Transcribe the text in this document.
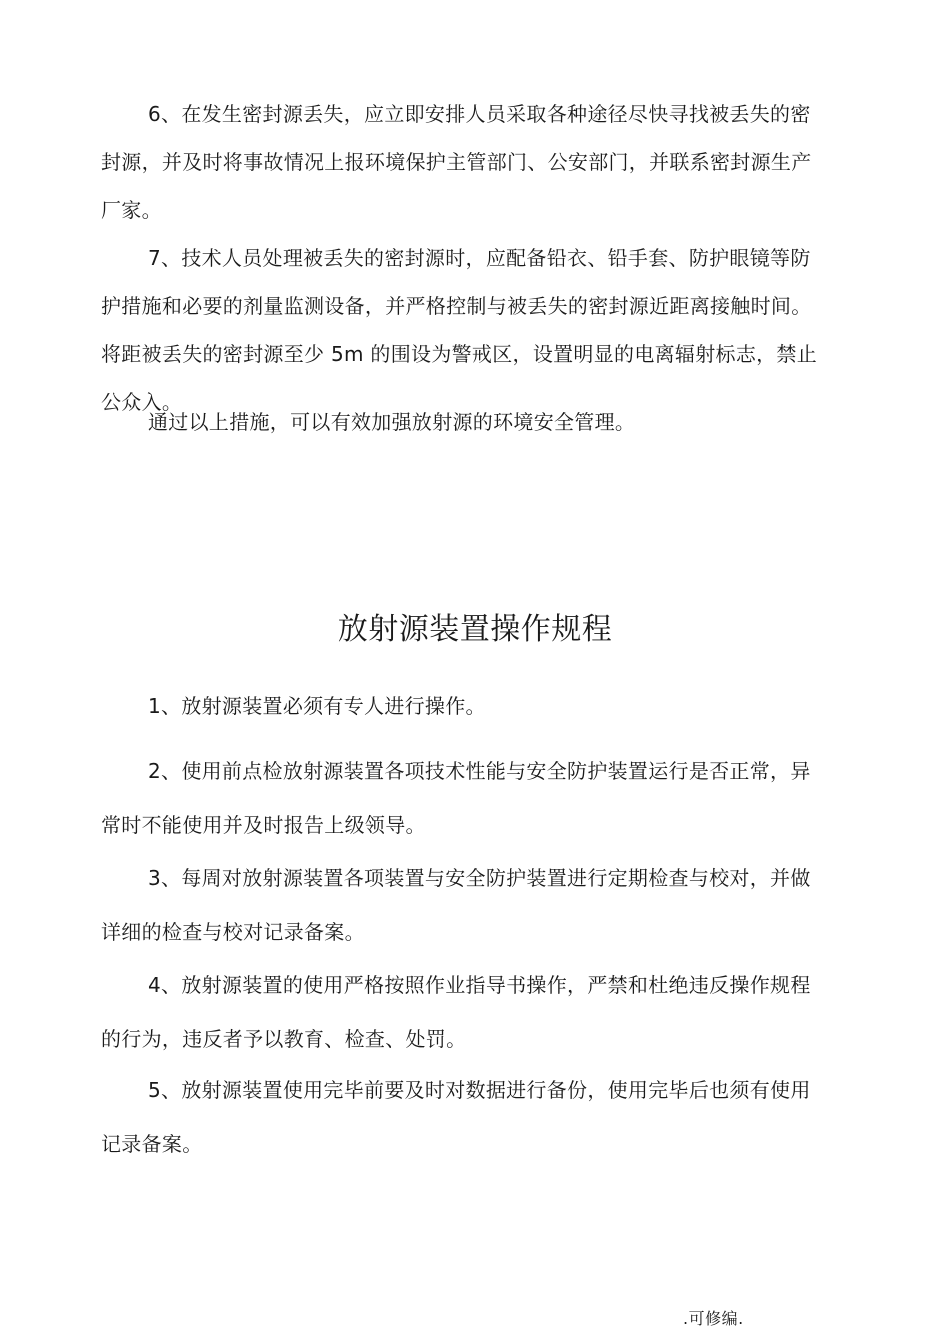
6、在发生密封源丢失，应立即安排人员采取各种途径尽快寻找被丢失的密
封源，并及时将事故情况上报环境保护主管部门、公安部门，并联系密封源生产
厂家。

7、技术人员处理被丢失的密封源时，应配备铅衣、铅手套、防护眼镜等防
护措施和必要的剂量监测设备，并严格控制与被丢失的密封源近距离接触时间。
将距被丢失的密封源至少 5m 的围设为警戒区，设置明显的电离辐射标志，禁止
公众入。

通过以上措施，可以有效加强放射源的环境安全管理。

放射源装置操作规程

1、放射源装置必须有专人进行操作。

2、使用前点检放射源装置各项技术性能与安全防护装置运行是否正常，异
常时不能使用并及时报告上级领导。

3、每周对放射源装置各项装置与安全防护装置进行定期检查与校对，并做
详细的检查与校对记录备案。

4、放射源装置的使用严格按照作业指导书操作，严禁和杜绝违反操作规程
的行为，违反者予以教育、检查、处罚。

5、放射源装置使用完毕前要及时对数据进行备份，使用完毕后也须有使用
记录备案。

.可修编.
